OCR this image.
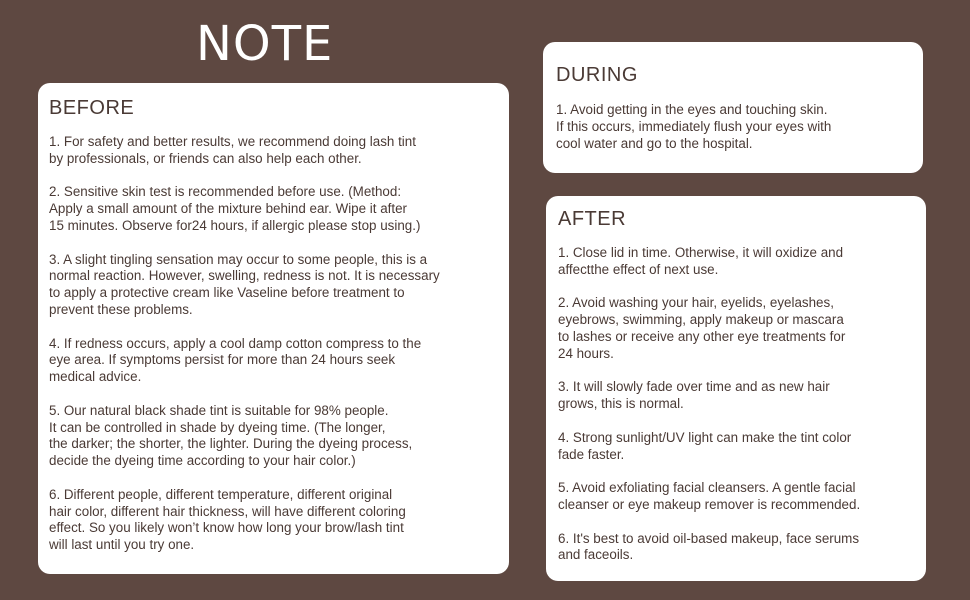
NOTE
BEFORE

1. For safety and better results, we recommend doing lash tint
by professionals, or friends can also help each other.

2. Sensitive skin test is recommended before use. (Method:
Apply a small amount of the mixture behind ear. Wipe it after
15 minutes. Observe for24 hours, if allergic please stop using.)

3. A slight tingling sensation may occur to some people, this is a
normal reaction. However, swelling, redness is not. It is necessary
to apply a protective cream like Vaseline before treatment to
prevent these problems.

4. If redness occurs, apply a cool damp cotton compress to the
eye area. If symptoms persist for more than 24 hours seek
medical advice.

5. Our natural black shade tint is suitable for 98% people.
It can be controlled in shade by dyeing time. (The longer,
the darker; the shorter, the lighter. During the dyeing process,
decide the dyeing time according to your hair color.)

6. Different people, different temperature, different original
hair color, different hair thickness, will have different coloring
effect. So you likely won’t know how long your brow/lash tint
will last until you try one.

DURING

1. Avoid getting in the eyes and touching skin.
If this occurs, immediately flush your eyes with
cool water and go to the hospital.

AFTER

1. Close lid in time. Otherwise, it will oxidize and
affectthe effect of next use.

2. Avoid washing your hair, eyelids, eyelashes,
eyebrows, swimming, apply makeup or mascara
to lashes or receive any other eye treatments for
24 hours.

3. It will slowly fade over time and as new hair
grows, this is normal.

4. Strong sunlight/UV light can make the tint color
fade faster.

5. Avoid exfoliating facial cleansers. A gentle facial
cleanser or eye makeup remover is recommended.

6. It's best to avoid oil-based makeup, face serums
and faceoils.
